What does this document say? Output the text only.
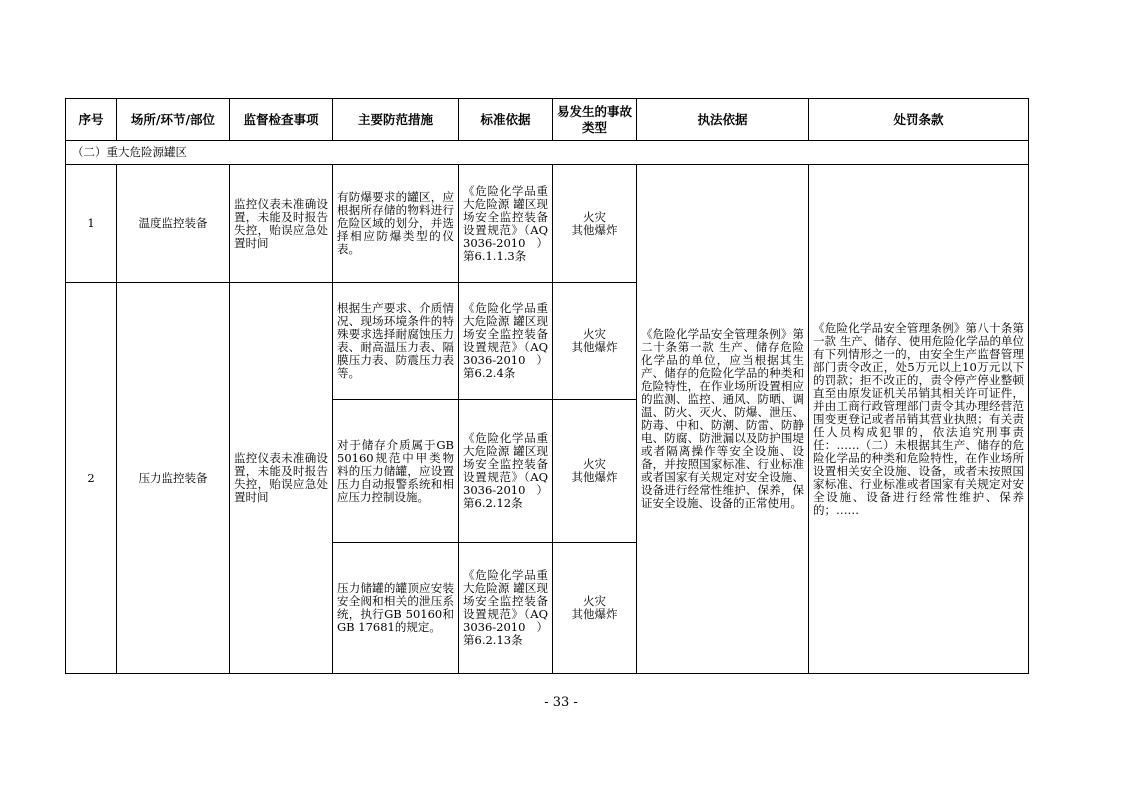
序号	场所/环节/部位	监督检查事项	主要防范措施	标准依据	易发生的事故类型	执法依据	处罚条款
（二）重大危险源罐区							
1	温度监控装备	监控仪表未准确设置，未能及时报告失控，贻误应急处置时间	有防爆要求的罐区，应根据所存储的物料进行危险区域的划分，并选择相应防爆类型的仪表。	《危险化学品重大危险源 罐区现场安全监控装备设置规范》（AQ 3036-2010）第6.1.1.3条	火灾
其他爆炸	《危险化学品安全管理条例》第二十条第一款 生产、储存危险化学品的单位，应当根据其生产、储存的危险化学品的种类和危险特性，在作业场所设置相应的监测、监控、通风、防晒、调温、防火、灭火、防爆、泄压、防毒、中和、防潮、防雷、防静电、防腐、防泄漏以及防护围堤或者隔离操作等安全设施、设备，并按照国家标准、行业标准或者国家有关规定对安全设施、设备进行经常性维护、保养，保证安全设施、设备的正常使用。	《危险化学品安全管理条例》第八十条第一款 生产、储存、使用危险化学品的单位有下列情形之一的，由安全生产监督管理部门责令改正，处5万元以上10万元以下的罚款；拒不改正的，责令停产停业整顿直至由原发证机关吊销其相关许可证件，并由工商行政管理部门责令其办理经营范围变更登记或者吊销其营业执照；有关责任人员构成犯罪的，依法追究刑事责任：……（二）未根据其生产、储存的危险化学品的种类和危险特性，在作业场所设置相关安全设施、设备，或者未按照国家标准、行业标准或者国家有关规定对安全设施、设备进行经常性维护、保养的；……
2	压力监控装备	监控仪表未准确设置，未能及时报告失控，贻误应急处置时间	根据生产要求、介质情况、现场环境条件的特殊要求选择耐腐蚀压力表、耐高温压力表、隔膜压力表、防震压力表等。	《危险化学品重大危险源 罐区现场安全监控装备设置规范》（AQ 3036-2010）第6.2.4条	火灾
其他爆炸		
			对于储存介质属于GB 50160规范中甲类物料的压力储罐，应设置压力自动报警系统和相应压力控制设施。	《危险化学品重大危险源 罐区现场安全监控装备设置规范》（AQ 3036-2010）第6.2.12条	火灾
其他爆炸		
			压力储罐的罐顶应安装安全阀和相关的泄压系统，执行GB 50160和GB 17681的规定。	《危险化学品重大危险源 罐区现场安全监控装备设置规范》（AQ 3036-2010）第6.2.13条	火灾
其他爆炸		
- 33 -
